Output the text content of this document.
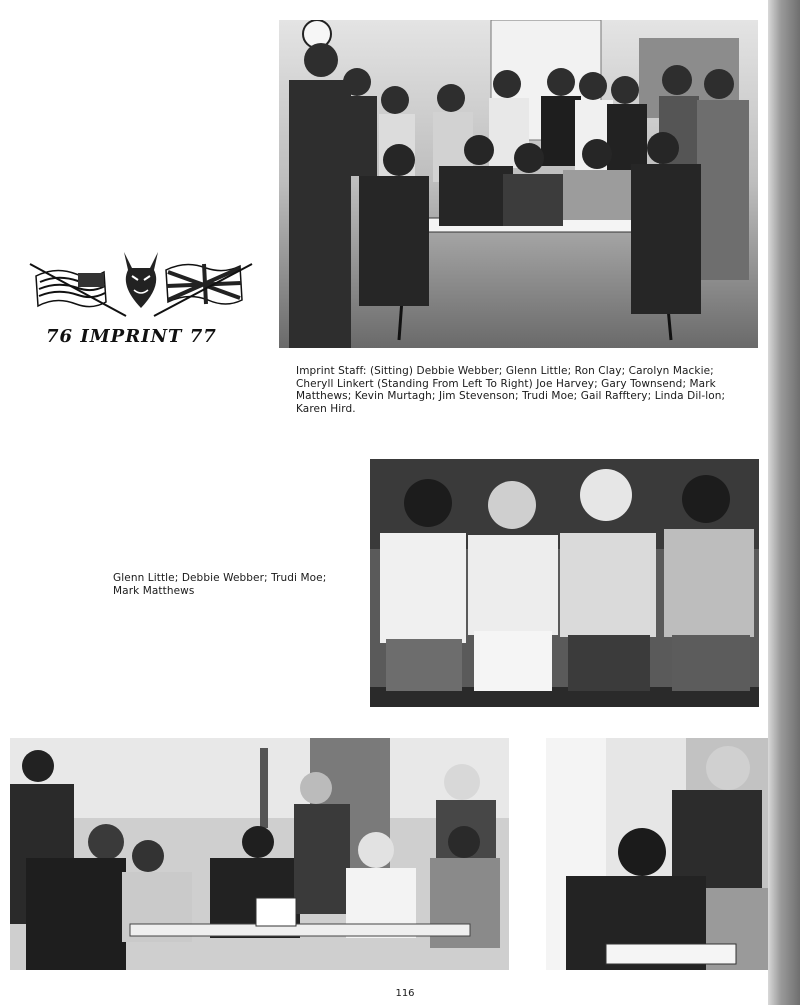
76 IMPRINT 77
Imprint Staff: (Sitting) Debbie Webber; Glenn Little; Ron Clay; Carolyn Mackie; Cheryll Linkert (Standing From Left To Right) Joe Harvey; Gary Townsend; Mark Matthews; Kevin Murtagh; Jim Stevenson; Trudi Moe; Gail Rafftery; Linda Dil-lon; Karen Hird.
Glenn Little; Debbie Webber; Trudi Moe; Mark Matthews
116
